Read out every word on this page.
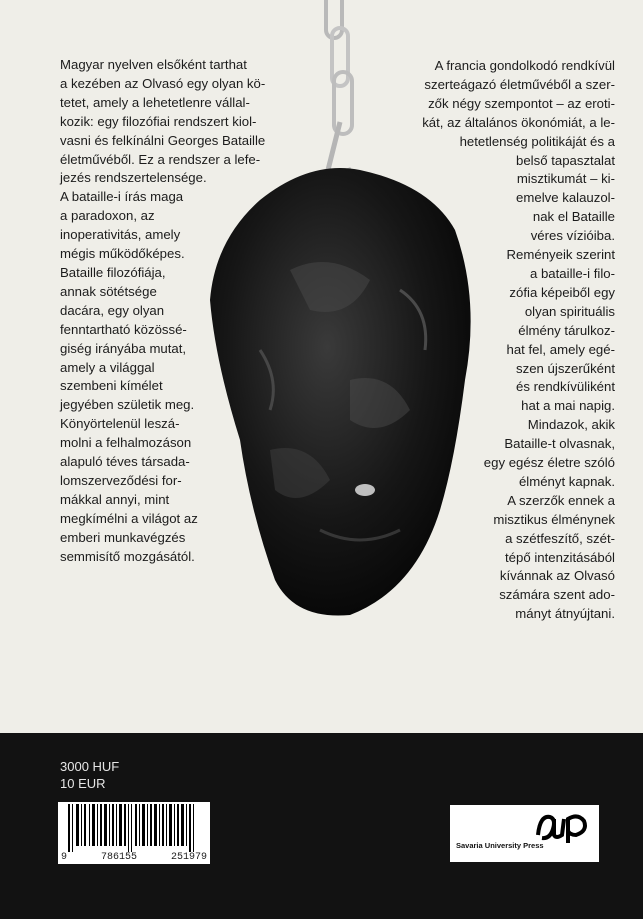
Magyar nyelven elsőként tarthat

a kezében az Olvasó egy olyan kö-

tetet, amely a lehetetlenre vállal-

kozik: egy filozófiai rendszert kiol-

vasni és felkínálni Georges Bataille

életművéből. Ez a rendszer a lefe-

jezés rendszertelensége.

A bataille-i írás maga

a paradoxon, az

inoperativitás, amely

mégis működőképes.

Bataille filozófiája,

annak sötétsége

dacára, egy olyan

fenntartható közössé-

giség irányába mutat,

amely a világgal

szembeni kímélet

jegyében születik meg.

Könyörtelenül leszá-

molni a felhalmozáson

alapuló téves társada-

lomszerveződési for-

mákkal annyi, mint

megkímélni a világot az

emberi munkavégzés

semmisítő mozgásától.

A francia gondolkodó rendkívül

szerteágazó életművéből a szer-

zők négy szempontot – az eroti-

kát, az általános ökonómiát, a le-

hetetlenség politikáját és a

belső tapasztalat

misztikumát – ki-

emelve kalauzol-

nak el Bataille

véres vízióiba.

Reményeik szerint

a bataille-i filo-

zófia képeiből egy

olyan spirituális

élmény tárulkoz-

hat fel, amely egé-

szen újszerűként

és rendkívüliként

hat a mai napig.

Mindazok, akik

Bataille-t olvasnak,

egy egész életre szóló

élményt kapnak.

A szerzők ennek a

misztikus élménynek

a szétfeszítő, szét-

tépő intenzitásából

kívánnak az Olvasó

számára szent ado-

mányt átnyújtani.

3000 HUF
10 EUR
9	786155	251979
Savaria University Press
